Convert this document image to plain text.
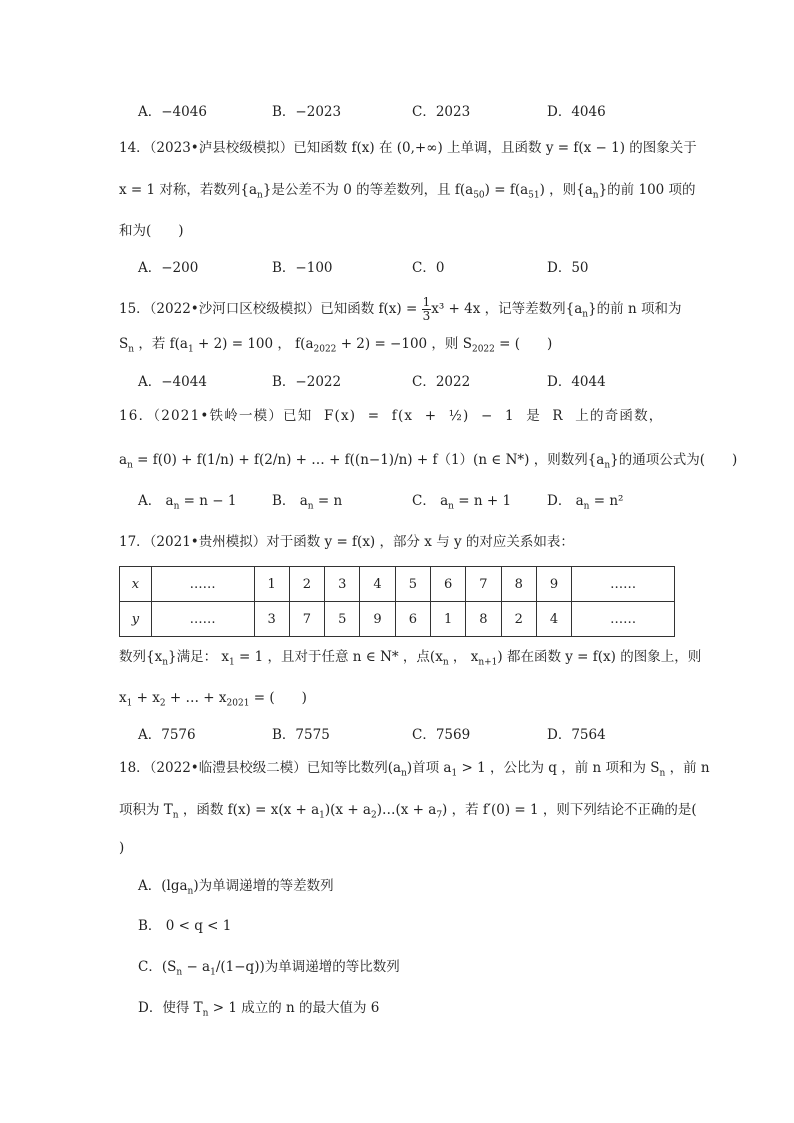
A．−4046	B．−2023	C．2023	D．4046
14．（2023•泸县校级模拟）已知函数 f(x) 在 (0,+∞) 上单调，且函数 y = f(x − 1) 的图象关于
x = 1 对称，若数列$\{a_n\}$是公差不为 0 的等差数列，且 $f(a_{50}) = f(a_{51})$ ，则$\{a_n\}$的前 100 项的
和为(　　)
A．−200	B．−100	C．0	D．50
15．（2022•沙河口区校级模拟）已知函数 $f(x) = \frac{1}{3} x^3 + 4x$ ，记等差数列$\{a_n\}$的前 n 项和为
$S_n$ ，若 $f(a_1 + 2) = 100$ ， $f(a_{2022} + 2) = -100$ ，则 $S_{2022}$ = (　　)
A．−4044	B．−2022	C．2022	D．4044
16．（2021•铁岭一模）已知 F(x) = f(x + ½) − 1 是 R 上的奇函数，
$a_n = f(0) + f(1/n) + f(2/n)$ + … + f((n−1)/n) + f（1）(n ∈ N*) ，则数列$\{a_n\}$的通项公式为(　　)
A． $a_n = n - 1$	B． $a_n = n$	C． $a_n = n + 1$	D． $a_n = n^2$
17．（2021•贵州模拟）对于函数 y = f(x) ，部分 x 与 y 的对应关系如表：
x	……	1	2	3	4	5	6	7	8	9	……
y	……	3	7	5	9	6	1	8	2	4	……
数列$\{x_n\}$满足： $x_1 = 1$ ，且对于任意 n ∈ N* ，点($x_n$ ， $x_{n+1}$) 都在函数 y = f(x) 的图象上，则
$x_1 + x_2$ + … + $x_{2021}$ = (　　)
A．7576	B．7575	C．7569	D．7564
18．（2022•临澧县校级二模）已知等比数列$(a_n)$首项 $a_1 > 1$ ，公比为 q ，前 n 项和为 $S_n$ ，前 n
项积为 $T_n$ ，函数 $f(x) = x(x + a_1)(x$ + $a_2)\dots(x + a_7)$ ，若 f′(0) = 1 ，则下列结论不正确的是(
)
A．(lga$_n$)为单调递增的等差数列
B． 0 < q < 1
C．$(S_n - a_1/(1-q))$为单调递增的等比数列
D．使得 $T_n > 1$ 成立的 n 的最大值为 6
